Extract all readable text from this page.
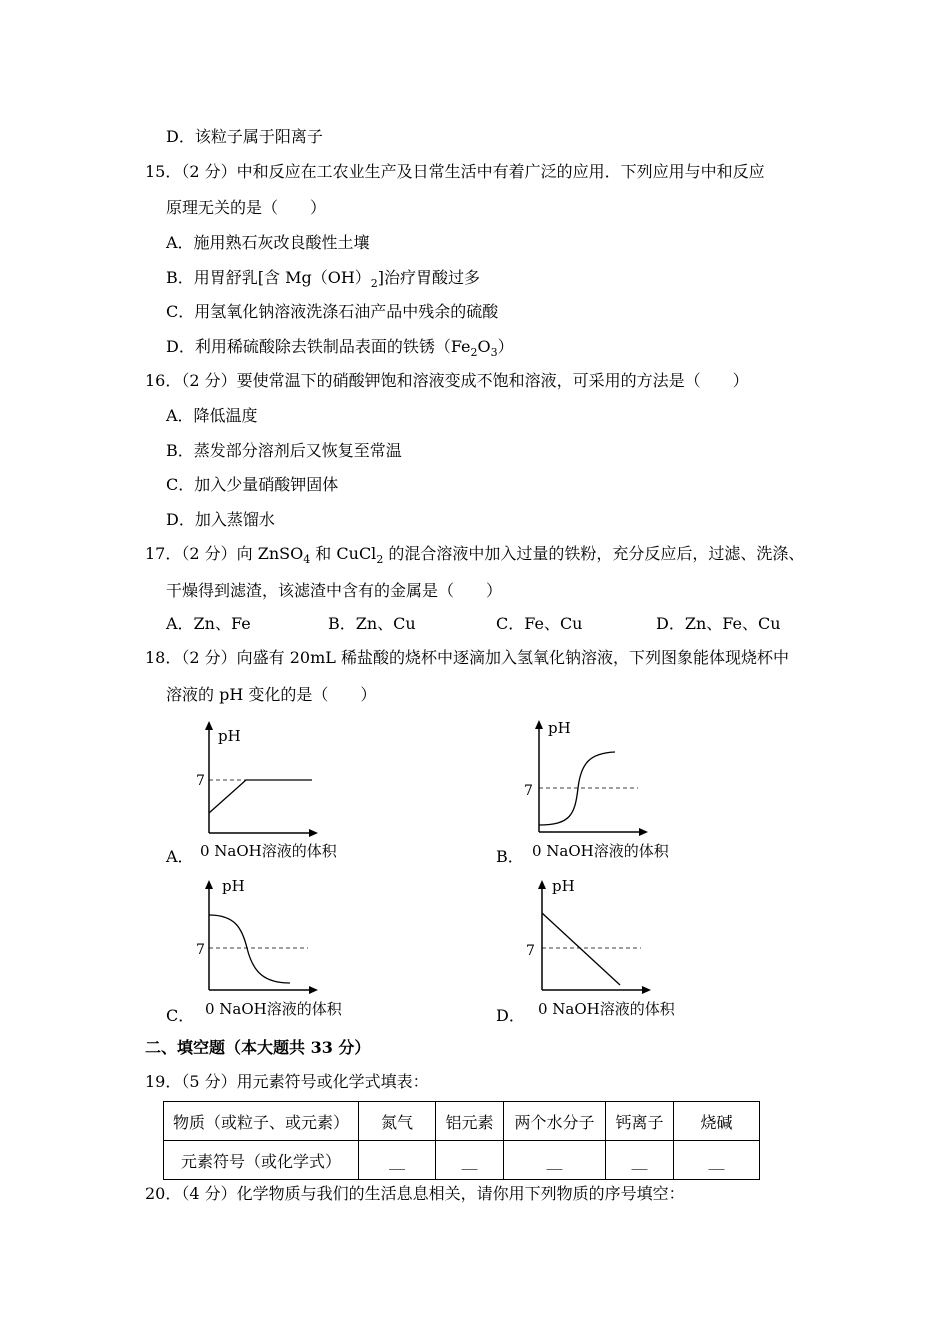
D．该粒子属于阳离子
15．（2 分）中和反应在工农业生产及日常生活中有着广泛的应用．下列应用与中和反应
原理无关的是（　　）
A．施用熟石灰改良酸性土壤
B．用胃舒乳[含 $Mg(OH)_2$]治疗胃酸过多
C．用氢氧化钠溶液洗涤石油产品中残余的硫酸
D．利用稀硫酸除去铁制品表面的铁锈$(Fe_2O_3)$
16．（2 分）要使常温下的硝酸钾饱和溶液变成不饱和溶液，可采用的方法是（　　）
A．降低温度
B．蒸发部分溶剂后又恢复至常温
C．加入少量硝酸钾固体
D．加入蒸馏水
17．（2 分）向 ZnSO$_4$ 和 CuCl$_2$ 的混合溶液中加入过量的铁粉，充分反应后，过滤、洗涤、
干燥得到滤渣，该滤渣中含有的金属是（　　）
A．Zn、Fe	B．Zn、Cu	C．Fe、Cu	D．Zn、Fe、Cu
18．（2 分）向盛有 20mL 稀盐酸的烧杯中逐滴加入氢氧化钠溶液，下列图象能体现烧杯中
溶液的 pH 变化的是（　　）
A．
pH
7
0 NaOH溶液的体积	B．
pH
7
0 NaOH溶液的体积
C．
pH
7
0 NaOH溶液的体积	D．
pH
7
0 NaOH溶液的体积
二、填空题（本大题共 33 分）
19．（5 分）用元素符号或化学式填表：
物质（或粒子、或元素）	氮气	铝元素	两个水分子	钙离子	烧碱
元素符号（或化学式）	__	__	__	__	__
20．（4 分）化学物质与我们的生活息息相关，请你用下列物质的序号填空：
